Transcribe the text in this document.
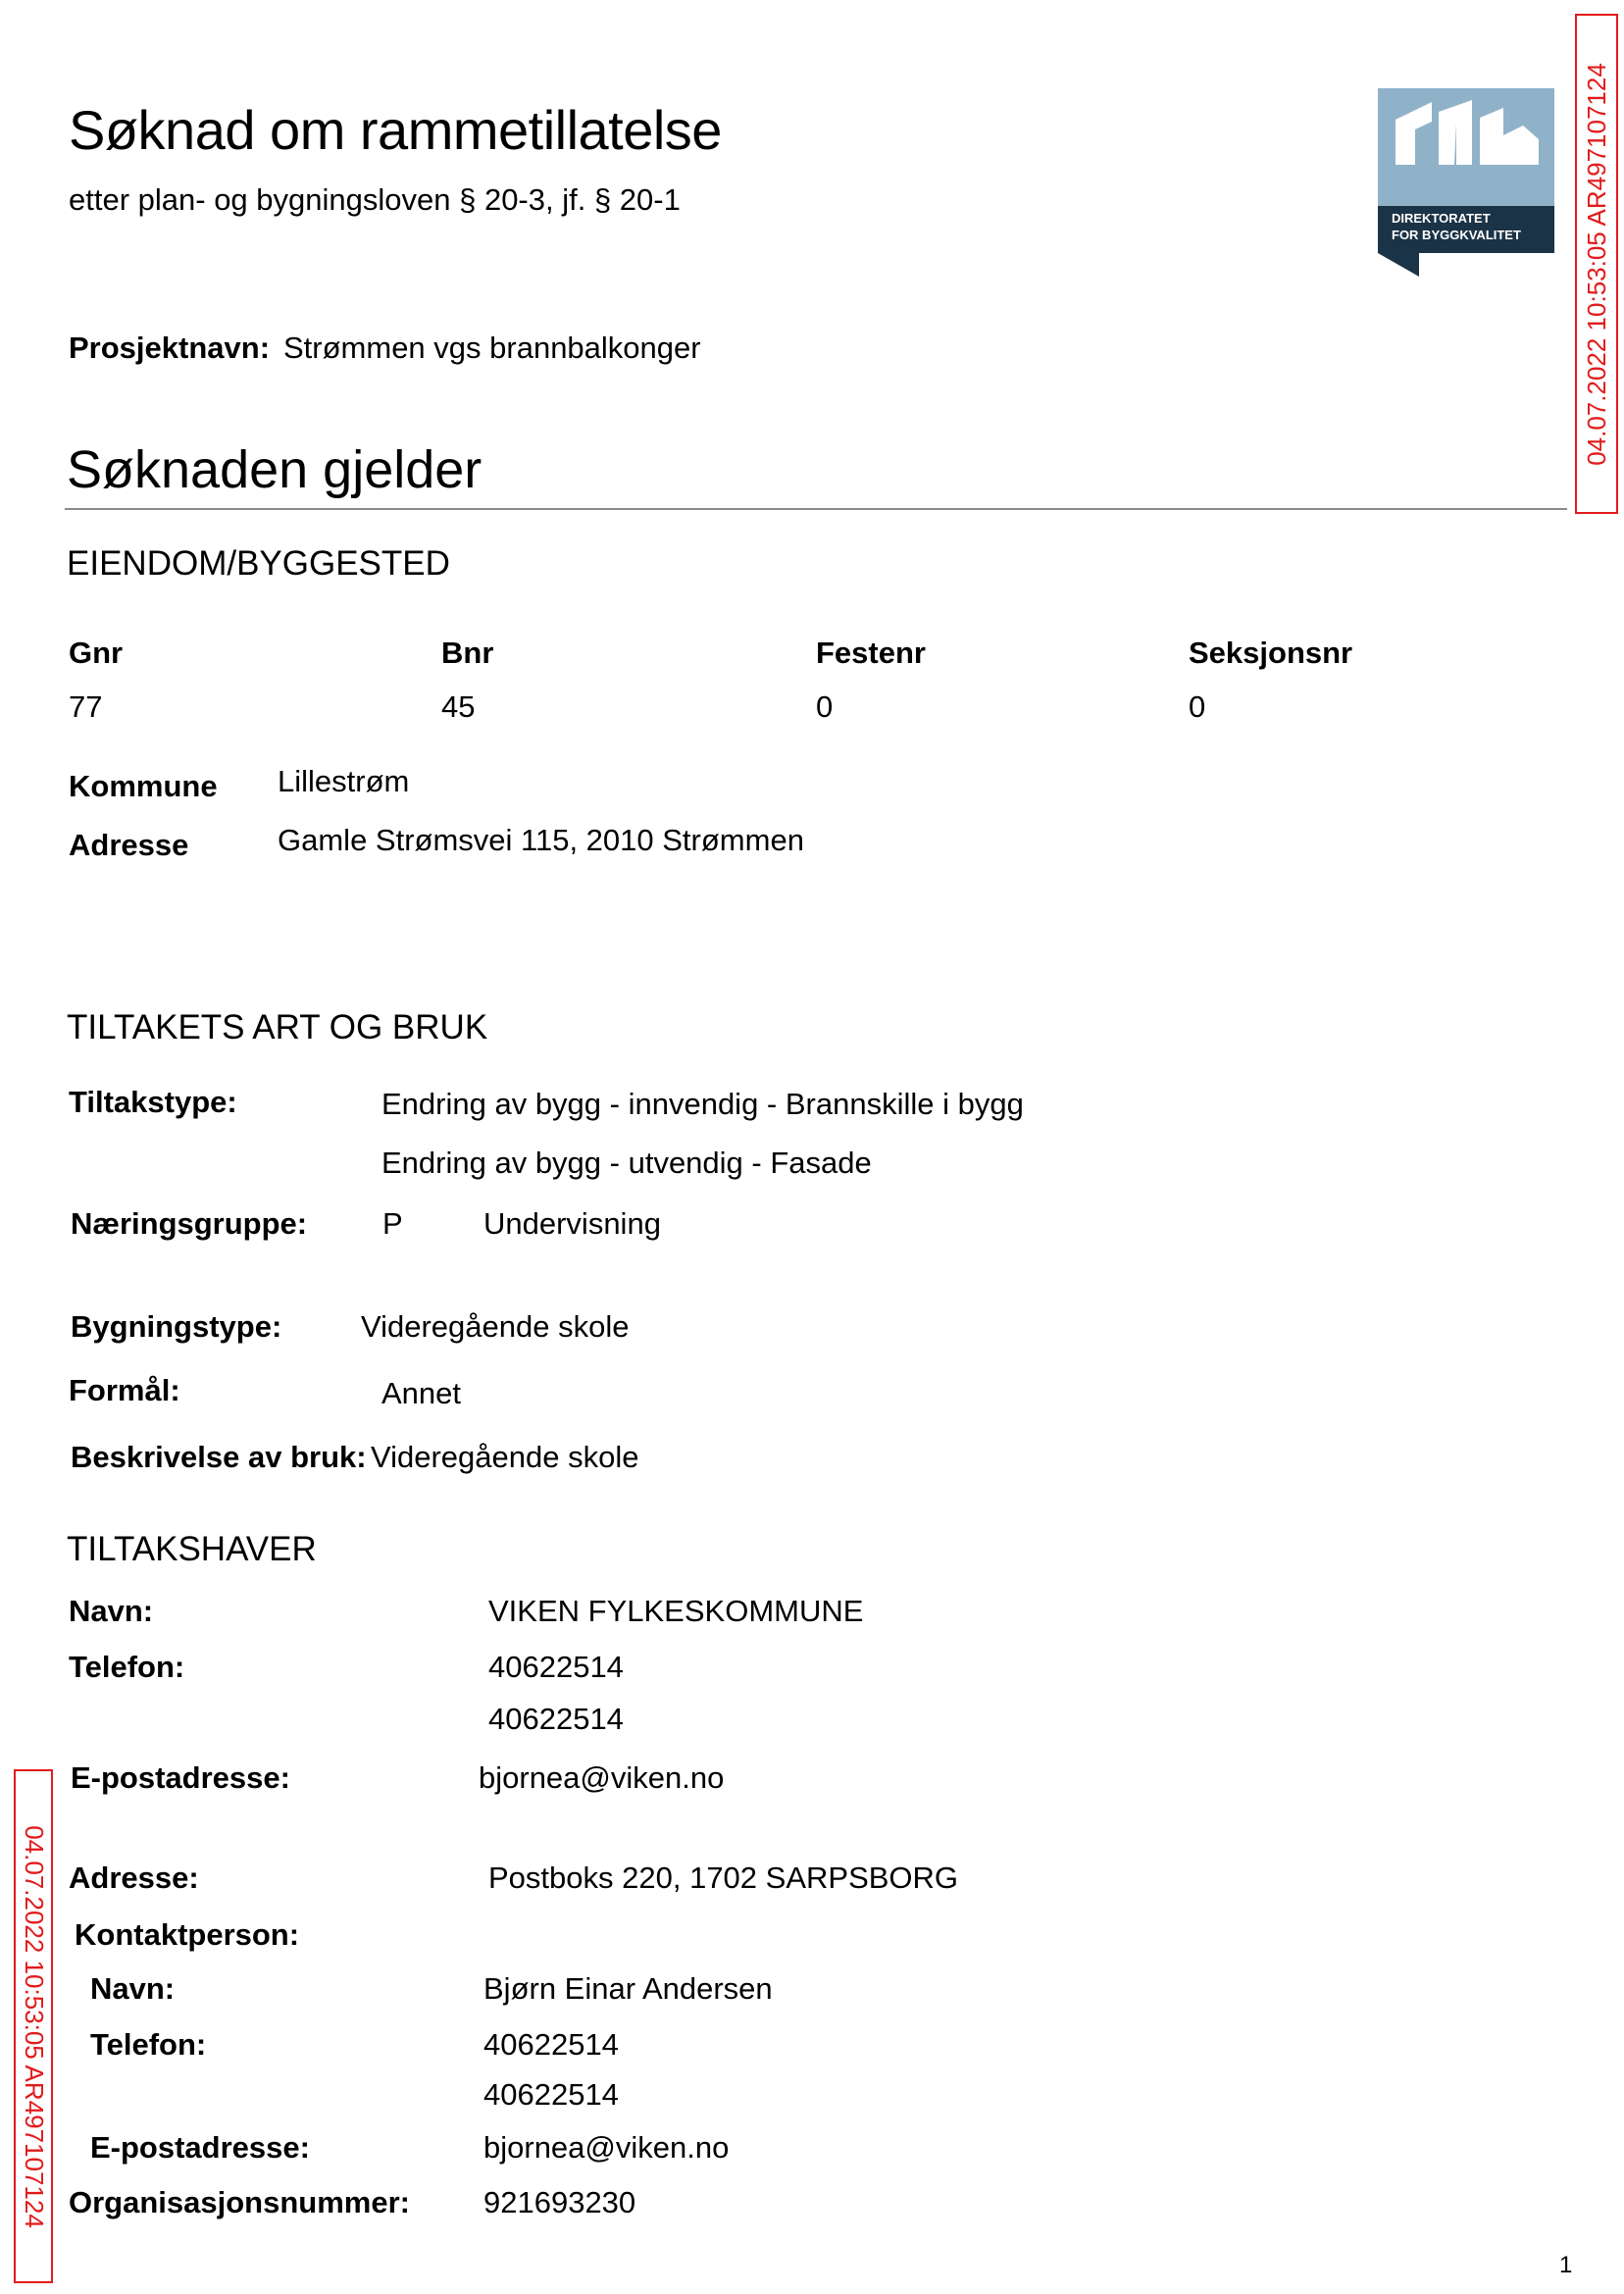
Søknad om rammetillatelse
etter plan- og bygningsloven § 20-3, jf. § 20-1
Prosjektnavn: Strømmen vgs brannbalkonger
DIREKTORATET
FOR BYGGKVALITET 04.07.2022 10:53:05 AR497107124
04.07.2022 10:53:05 AR497107124
Søknaden gjelder
EIENDOM/BYGGESTED
Gnr	Bnr	Festenr	Seksjonsnr
77	45	0	0
Kommune Lillestrøm
Adresse	Gamle Strømsvei 115, 2010 Strømmen
TILTAKETS ART OG BRUK
Tiltakstype:	Endring av bygg - innvendig - Brannskille i bygg
Endring av bygg - utvendig - Fasade
Næringsgruppe: P	Undervisning
Bygningstype:	Videregående skole
Formål:	Annet
Beskrivelse av bruk: Videregående skole
TILTAKSHAVER
Navn:	VIKEN FYLKESKOMMUNE
Telefon:	40622514
40622514
E-postadresse:	bjornea@viken.no
Adresse:	Postboks 220, 1702 SARPSBORG
Kontaktperson:
Navn:	Bjørn Einar Andersen
Telefon:	40622514
40622514
E-postadresse:	bjornea@viken.no
Organisasjonsnummer: 921693230
1
